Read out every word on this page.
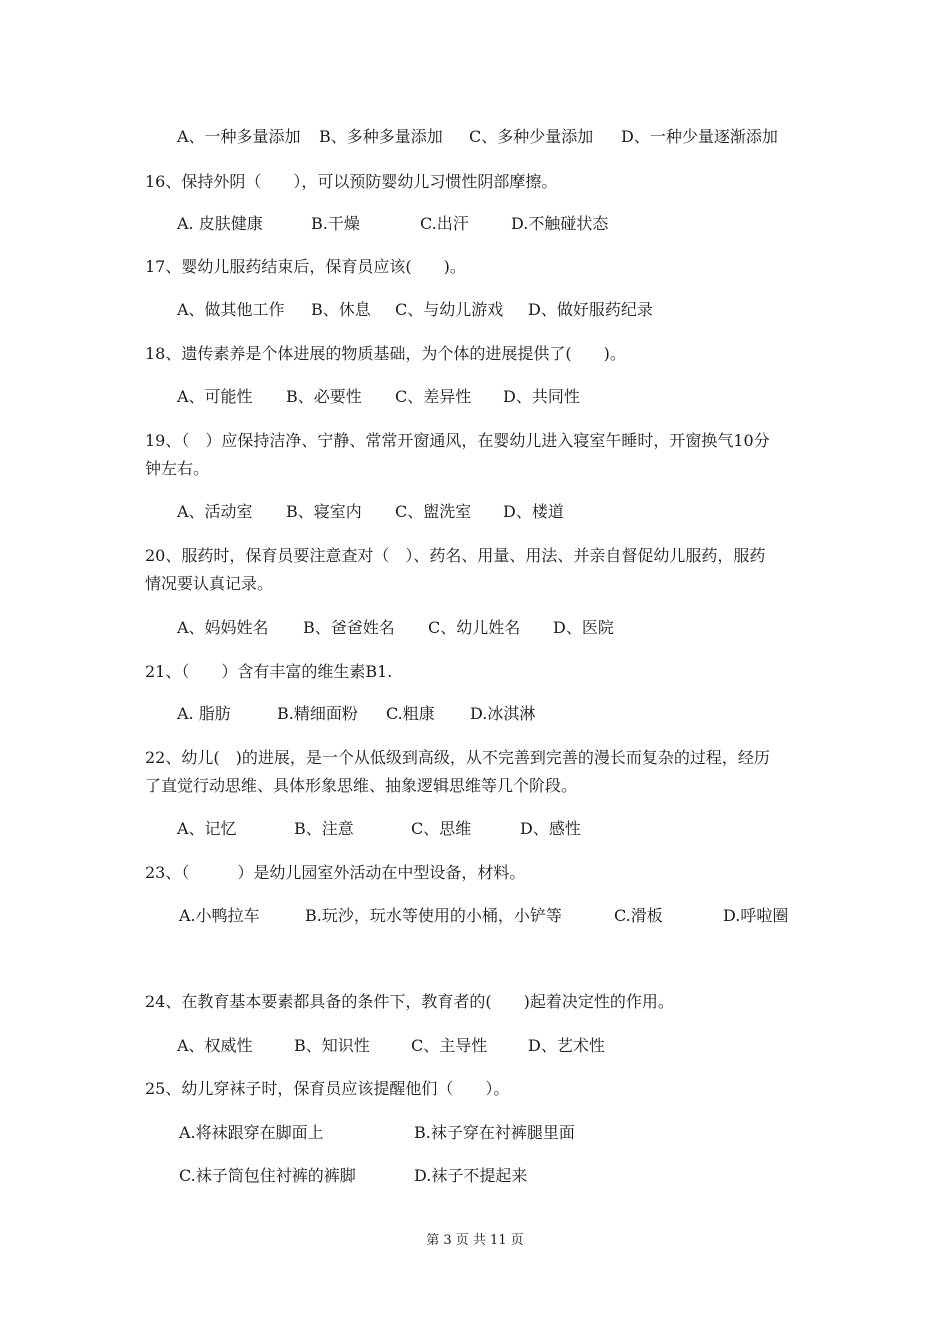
A、一种多量添加 B、多种多量添加 C、多种少量添加 D、一种少量逐渐添加
16、保持外阴（　　），可以预防婴幼儿习惯性阴部摩擦。
A. 皮肤健康	B.干燥	C.出汗	D.不触碰状态
17、婴幼儿服药结束后，保育员应该(　　)。
A、做其他工作 B、休息 C、与幼儿游戏 D、做好服药纪录
18、遗传素养是个体进展的物质基础，为个体的进展提供了(　　)。
A、可能性 B、必要性 C、差异性 D、共同性
19、（　）应保持洁净、宁静、常常开窗通风，在婴幼儿进入寝室午睡时，开窗换气10分
钟左右。
A、活动室 B、寝室内 C、盥洗室 D、楼道
20、服药时，保育员要注意查对（　）、药名、用量、用法、并亲自督促幼儿服药，服药
情况要认真记录。
A、妈妈姓名 B、爸爸姓名 C、幼儿姓名 D、医院
21、（　　）含有丰富的维生素B1.
A. 脂肪	B.精细面粉 C.粗康 D.冰淇淋
22、幼儿(　)的进展，是一个从低级到高级，从不完善到完善的漫长而复杂的过程，经历
了直觉行动思维、具体形象思维、抽象逻辑思维等几个阶段。
A、记忆	B、注意	C、思维	D、感性
23、（　　　）是幼儿园室外活动在中型设备，材料。
A.小鸭拉车	B.玩沙，玩水等使用的小桶，小铲等	C.滑板	D.呼啦圈
24、在教育基本要素都具备的条件下，教育者的(　　)起着决定性的作用。
A、权威性	B、知识性	C、主导性	D、艺术性
25、幼儿穿袜子时，保育员应该提醒他们（　　）。
A.将袜跟穿在脚面上	B.袜子穿在衬裤腿里面
C.袜子筒包住衬裤的裤脚	D.袜子不提起来
第 3 页 共 11 页
